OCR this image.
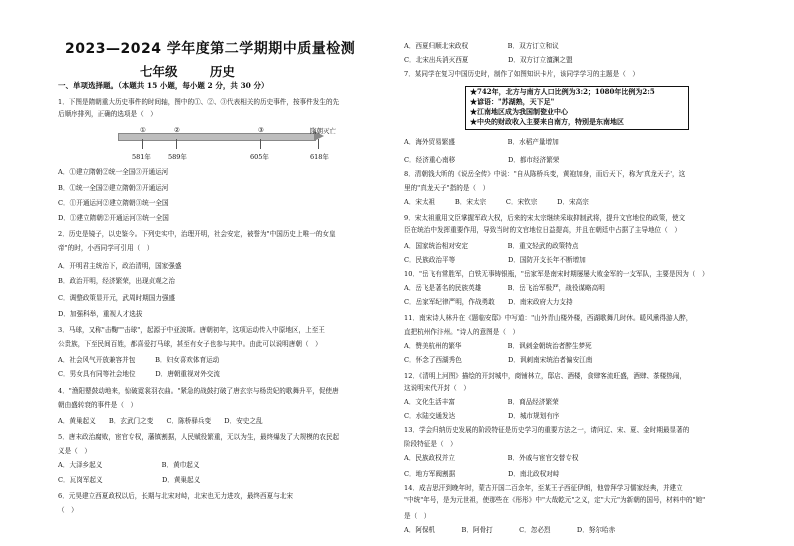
2023—2024 学年度第二学期期中质量检测
七年级	历史
一、单项选择题。（本题共 15 小题，每小题 2 分，共 30 分）
1．下图是隋朝重大历史事件的时间轴，图中的①、②、③代表相关的历史事件，按事件发生的先
后顺序排列，正确的选项是（　）
A．①建立隋朝②统一全国③开通运河
B．①统一全国②建立隋朝③开通运河
C．①开通运河②建立隋朝③统一全国
D．①建立隋朝②开通运河③统一全国
2．历史是镜子，以史鉴今。下列史实中，治理开明，社会安定，被誉为"中国历史上唯一的女皇
帝"的时，小西同学可引用（　）
A．开明君主统治下，政治清明，国家强盛
B．政治开明，经济繁荣，出现贞观之治
C．调整政策显开元，武周时期国力强盛
D．加强科举，重视人才选拔
3．马球，又称"击鞠""击球"，起源于中亚波斯。唐朝初年，这项运动传入中原地区，上至王
公贵族，下至民间百姓，都喜爱打马球，甚至有女子也参与其中。由此可以说明唐朝（　）
A．社会风气开放兼容并包　　　B．妇女喜欢体育运动
C．男女具有同等社会地位　　　D．唐朝重视对外交流
4．"渔阳鼙鼓动地来，惊破霓裳羽衣曲。"紧急的战鼓打破了唐玄宗与杨贵妃的歌舞升平，促使唐
朝由盛转衰的事件是（　）
A．黄巢起义　　B．玄武门之变　　C．陈桥驿兵变　　D．安史之乱
5．唐末政治腐败，宦官专权，藩镇割据，人民赋役繁重，无以为生，最终爆发了大规模的农民起
义是（　）
A．大泽乡起义　　　　　　　　　B．黄巾起义
C．瓦岗军起义　　　　　　　　　D．黄巢起义
6．元昊建立西夏政权以后，长期与北宋对峙，北宋也无力进攻，最终西夏与北宋
（　）
①	②	③	隋朝灭亡
581年	589年	605年	618年
A．西夏归顺北宋政权　　　　　　B．双方订立和议
C．北宋出兵消灭西夏　　　　　　D．双方订立澶渊之盟
7．某同学在复习中国历史时，制作了如图知识卡片，该同学学习的主题是（　）
A．海外贸易繁盛　　　　　　　　B．水稻产量增加
C．经济重心南移　　　　　　　　D．都市经济繁荣
8．清朝钱大昕的《说岳全传》中说："自从陈桥兵变，黄袍加身，而后天下，称为'真龙天子'，这
里的"真龙天子"指的是（　）
A．宋太祖　　　B．宋太宗　　　C．宋钦宗　　　D．宋高宗
9．宋太祖重用文臣掌握军政大权，后来的宋太宗继续采取抑制武将，提升文官地位的政策，使文
臣在统治中发挥重要作用，导致当时的文官地位日益提高，并且在朝廷中占据了主导地位（　）
A．国家统治相对安定　　　　　　B．重文轻武的政策特点
C．民族政治平等　　　　　　　　D．国防开支长年不断增加
10．"岳飞有常胜军，白铁无事铸银瓶，"岳家军是南宋时期屡屡大败金军的一支军队，主要是因为（　）
A．岳飞是著名的民族英雄　　　　B．岳飞治军极严，战役谋略高明
C．岳家军纪律严明，作战勇敢　　D．南宋政府大力支持
11．南宋诗人林升在《题临安邸》中写道："山外青山楼外楼，西湖歌舞几时休。暖风熏得游人醉，
直把杭州作汴州。"诗人的意图是（　）
A．赞美杭州的繁华　　　　　　　B．讽刺金朝统治者醉生梦死
C．怀念了西湖秀色　　　　　　　D．讽刺南宋统治者偏安江南
12．《清明上河图》描绘的开封城中，商铺林立，邸店、酒楼，食肆客流旺盛，酒肆、茶楼热闹，
这说明宋代开封（　）
A．文化生活丰富　　　　　　　　B．商品经济繁荣
C．水陆交通发达　　　　　　　　D．城市规划有序
13．学会归纳历史发展的阶段特征是历史学习的重要方法之一，请问辽、宋、夏、金时期最显著的
阶段特征是（　）
A．民族政权并立　　　　　　　　B．外戚与宦官交替专权
C．地方军阀割据　　　　　　　　D．南北政权对峙
14．成吉思汗到晚年时，蒙古开国二百余年，至某王子西征伊朗，他曾拜学习儒家经典，并建立
"中统"年号，是为元世祖，使那些在《彤彤》中"大哉乾元"之义，定"大元"为新朝的国号，材料中的"她"
是（　）
A．阿保机　　　　B．阿骨打　　　　C．忽必烈　　　　D．努尔哈赤
★742年，北方与南方人口比例为3:2；1080年比例为2:5
★谚语："苏湖熟，天下足"
★江南地区成为我国制瓷业中心
★中央的财政收入主要来自南方，特别是东南地区
